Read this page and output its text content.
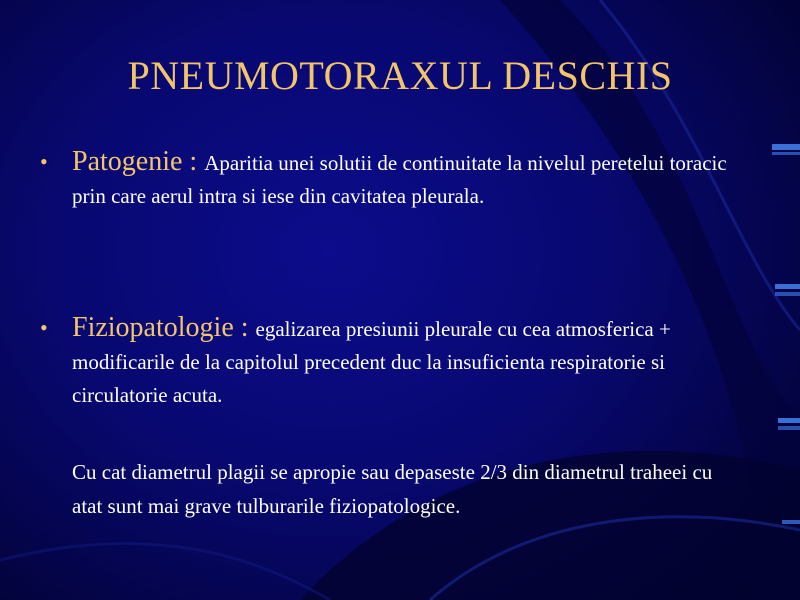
PNEUMOTORAXUL DESCHIS
• Patogenie : Aparitia unei solutii de continuitate la nivelul peretelui toracic prin care aerul intra si iese din cavitatea pleurala.
• Fiziopatologie : egalizarea presiunii pleurale cu cea atmosferica + modificarile de la capitolul precedent duc la insuficienta respiratorie si circulatorie acuta.
Cu cat diametrul plagii se apropie sau depaseste 2/3 din diametrul traheei cu atat sunt mai grave tulburarile fiziopatologice.
